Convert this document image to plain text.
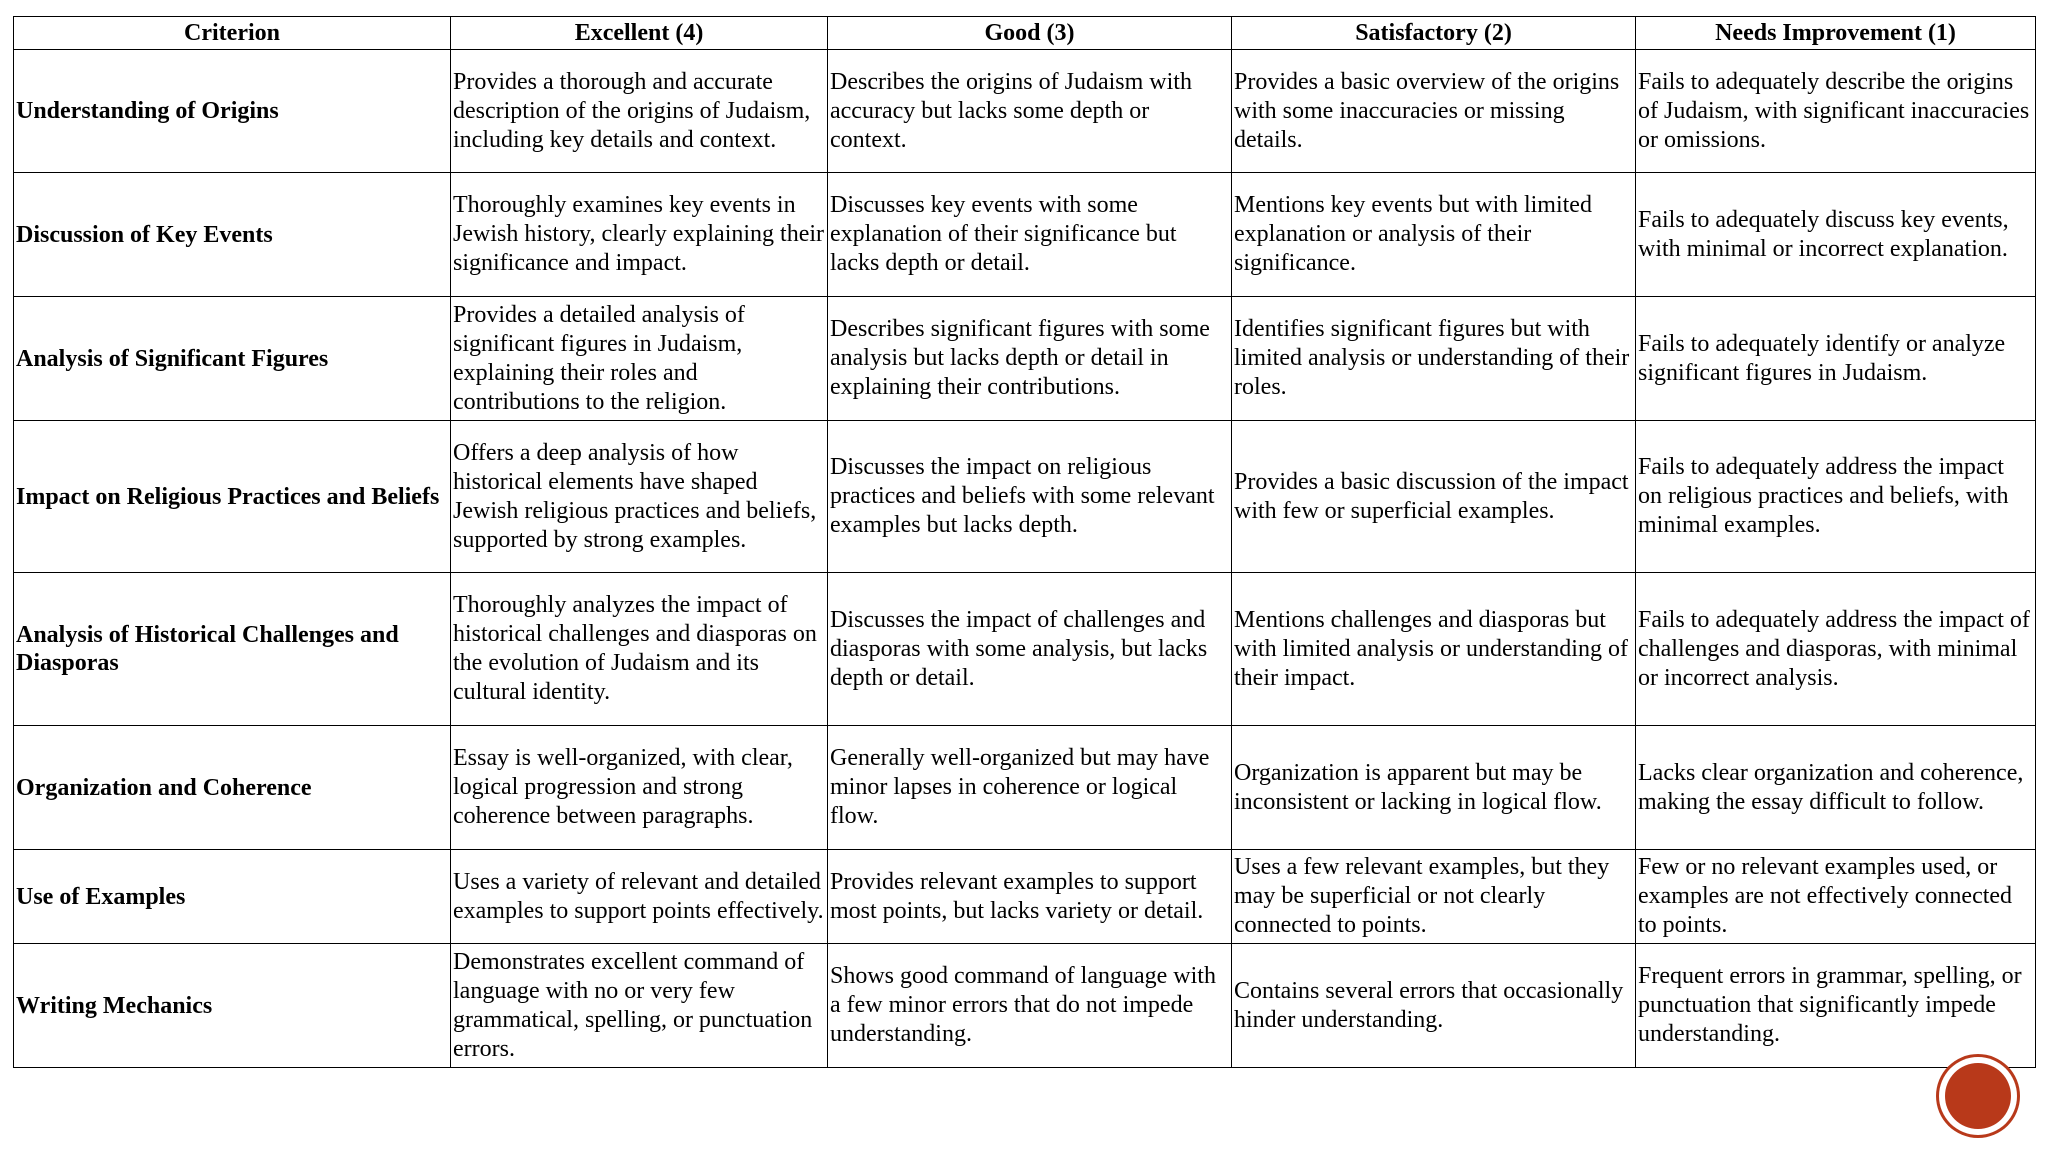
Criterion	Excellent (4)	Good (3)	Satisfactory (2)	Needs Improvement (1)
Understanding of Origins	Provides a thorough and accurate description of the origins of Judaism, including key details and context.	Describes the origins of Judaism with accuracy but lacks some depth or context.	Provides a basic overview of the origins with some inaccuracies or missing details.	Fails to adequately describe the origins of Judaism, with significant inaccuracies or omissions.
Discussion of Key Events	Thoroughly examines key events in Jewish history, clearly explaining their significance and impact.	Discusses key events with some explanation of their significance but lacks depth or detail.	Mentions key events but with limited explanation or analysis of their significance.	Fails to adequately discuss key events, with minimal or incorrect explanation.
Analysis of Significant Figures	Provides a detailed analysis of significant figures in Judaism, explaining their roles and contributions to the religion.	Describes significant figures with some analysis but lacks depth or detail in explaining their contributions.	Identifies significant figures but with limited analysis or understanding of their roles.	Fails to adequately identify or analyze significant figures in Judaism.
Impact on Religious Practices and Beliefs	Offers a deep analysis of how historical elements have shaped Jewish religious practices and beliefs, supported by strong examples.	Discusses the impact on religious practices and beliefs with some relevant examples but lacks depth.	Provides a basic discussion of the impact with few or superficial examples.	Fails to adequately address the impact on religious practices and beliefs, with minimal examples.
Analysis of Historical Challenges and Diasporas	Thoroughly analyzes the impact of historical challenges and diasporas on the evolution of Judaism and its cultural identity.	Discusses the impact of challenges and diasporas with some analysis, but lacks depth or detail.	Mentions challenges and diasporas but with limited analysis or understanding of their impact.	Fails to adequately address the impact of challenges and diasporas, with minimal or incorrect analysis.
Organization and Coherence	Essay is well-organized, with clear, logical progression and strong coherence between paragraphs.	Generally well-organized but may have minor lapses in coherence or logical flow.	Organization is apparent but may be inconsistent or lacking in logical flow.	Lacks clear organization and coherence, making the essay difficult to follow.
Use of Examples	Uses a variety of relevant and detailed examples to support points effectively.	Provides relevant examples to support most points, but lacks variety or detail.	Uses a few relevant examples, but they may be superficial or not clearly connected to points.	Few or no relevant examples used, or examples are not effectively connected to points.
Writing Mechanics	Demonstrates excellent command of language with no or very few grammatical, spelling, or punctuation errors.	Shows good command of language with a few minor errors that do not impede understanding.	Contains several errors that occasionally hinder understanding.	Frequent errors in grammar, spelling, or punctuation that significantly impede understanding.
